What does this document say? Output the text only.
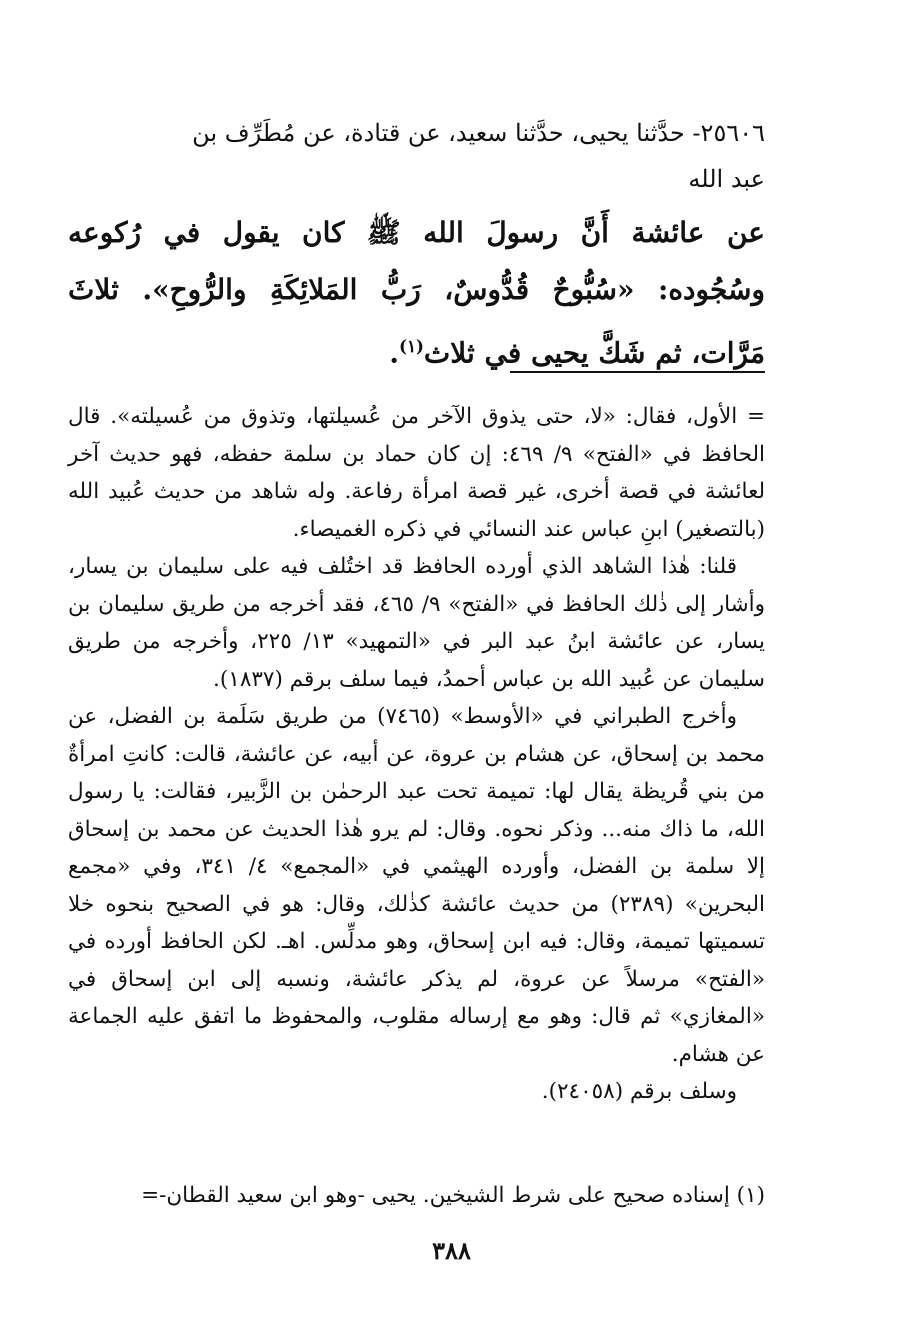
٢٥٦٠٦- حدَّثنا يحيى، حدَّثنا سعيد، عن قتادة، عن مُطَرِّف بن
عبد الله

عن عائشة أَنَّ رسولَ الله ﷺ كان يقول في رُكوعه وسُجُوده: «سُبُّوحٌ قُدُّوسٌ، رَبُّ المَلائِكَةِ والرُّوحِ». ثلاثَ مَرَّات، ثم شَكَّ يحيى في ثلاث$^{(١)}$.

= الأول، فقال: «لا، حتى يذوق الآخر من عُسيلتها، وتذوق من عُسيلته». قال الحافظ في «الفتح» ٩/ ٤٦٩: إن كان حماد بن سلمة حفظه، فهو حديث آخر لعائشة في قصة أخرى، غير قصة امرأة رفاعة. وله شاهد من حديث عُبيد الله (بالتصغير) ابنِ عباس عند النسائي في ذكره الغميصاء.

قلنا: هٰذا الشاهد الذي أورده الحافظ قد اختُلف فيه على سليمان بن يسار، وأشار إلى ذٰلك الحافظ في «الفتح» ٩/ ٤٦٥، فقد أخرجه من طريق سليمان بن يسار، عن عائشة ابنُ عبد البر في «التمهيد» ١٣/ ٢٢٥، وأخرجه من طريق سليمان عن عُبيد الله بن عباس أحمدُ، فيما سلف برقم (١٨٣٧).

وأخرج الطبراني في «الأوسط» (٧٤٦٥) من طريق سَلَمة بن الفضل، عن محمد بن إسحاق، عن هشام بن عروة، عن أبيه، عن عائشة، قالت: كانتِ امرأةٌ من بني قُريظة يقال لها: تميمة تحت عبد الرحمٰن بن الزَّبير، فقالت: يا رسول الله، ما ذاك منه... وذكر نحوه. وقال: لم يرو هٰذا الحديث عن محمد بن إسحاق إلا سلمة بن الفضل، وأورده الهيثمي في «المجمع» ٤/ ٣٤١، وفي «مجمع البحرين» (٢٣٨٩) من حديث عائشة كذٰلك، وقال: هو في الصحيح بنحوه خلا تسميتها تميمة، وقال: فيه ابن إسحاق، وهو مدلِّس. اهـ. لكن الحافظ أورده في «الفتح» مرسلاً عن عروة، لم يذكر عائشة، ونسبه إلى ابن إسحاق في «المغازي» ثم قال: وهو مع إرساله مقلوب، والمحفوظ ما اتفق عليه الجماعة عن هشام.

وسلف برقم (٢٤٠٥٨).

(١) إسناده صحيح على شرط الشيخين. يحيى -وهو ابن سعيد القطان-=

٣٨٨
